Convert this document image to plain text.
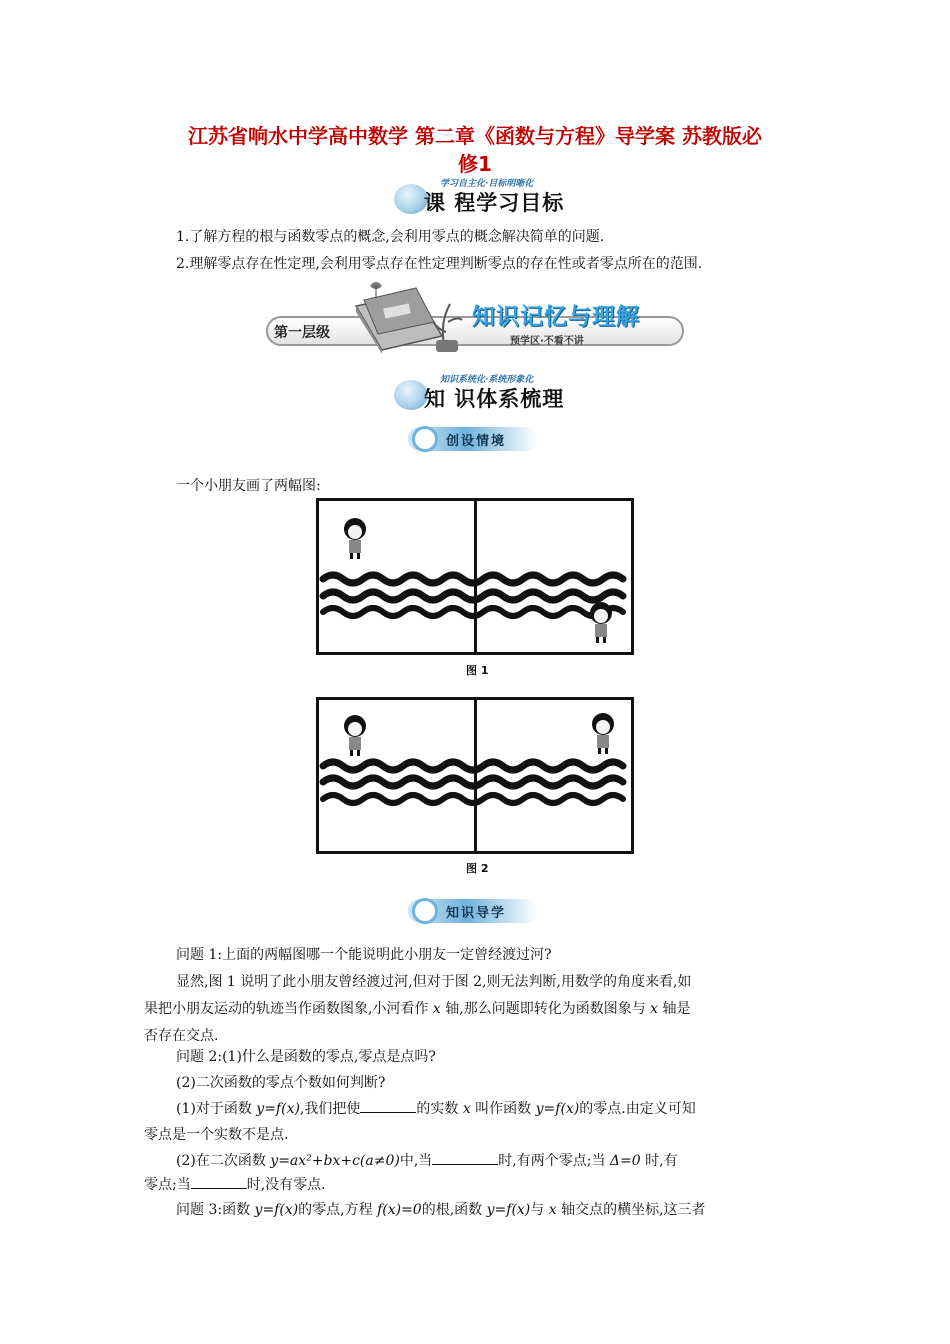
江苏省响水中学高中数学 第二章《函数与方程》导学案 苏教版必
修1
学习自主化·目标明晰化
课 程学习目标
1.了解方程的根与函数零点的概念,会利用零点的概念解决简单的问题.
2.理解零点存在性定理,会利用零点存在性定理判断零点的存在性或者零点所在的范围.
第一层级
知识记忆与理解
预学区·不看不讲
知识系统化·系统形象化
知 识体系梳理
创设情境
一个小朋友画了两幅图:
图 1
图 2
知识导学
问题 1:上面的两幅图哪一个能说明此小朋友一定曾经渡过河?
显然,图 1 说明了此小朋友曾经渡过河,但对于图 2,则无法判断,用数学的角度来看,如
果把小朋友运动的轨迹当作函数图象,小河看作 x 轴,那么问题即转化为函数图象与 x 轴是
否存在交点.
问题 2:(1)什么是函数的零点,零点是点吗?
(2)二次函数的零点个数如何判断?
(1)对于函数 y=f(x),我们把使	的实数 x 叫作函数 y=f(x)的零点.由定义可知
零点是一个实数不是点.
(2)在二次函数 y=ax²+bx+c(a≠0)中,当	时,有两个零点;当 Δ=0 时,有
零点;当	时,没有零点.
问题 3:函数 y=f(x)的零点,方程 f(x)=0的根,函数 y=f(x)与 x 轴交点的横坐标,这三者
